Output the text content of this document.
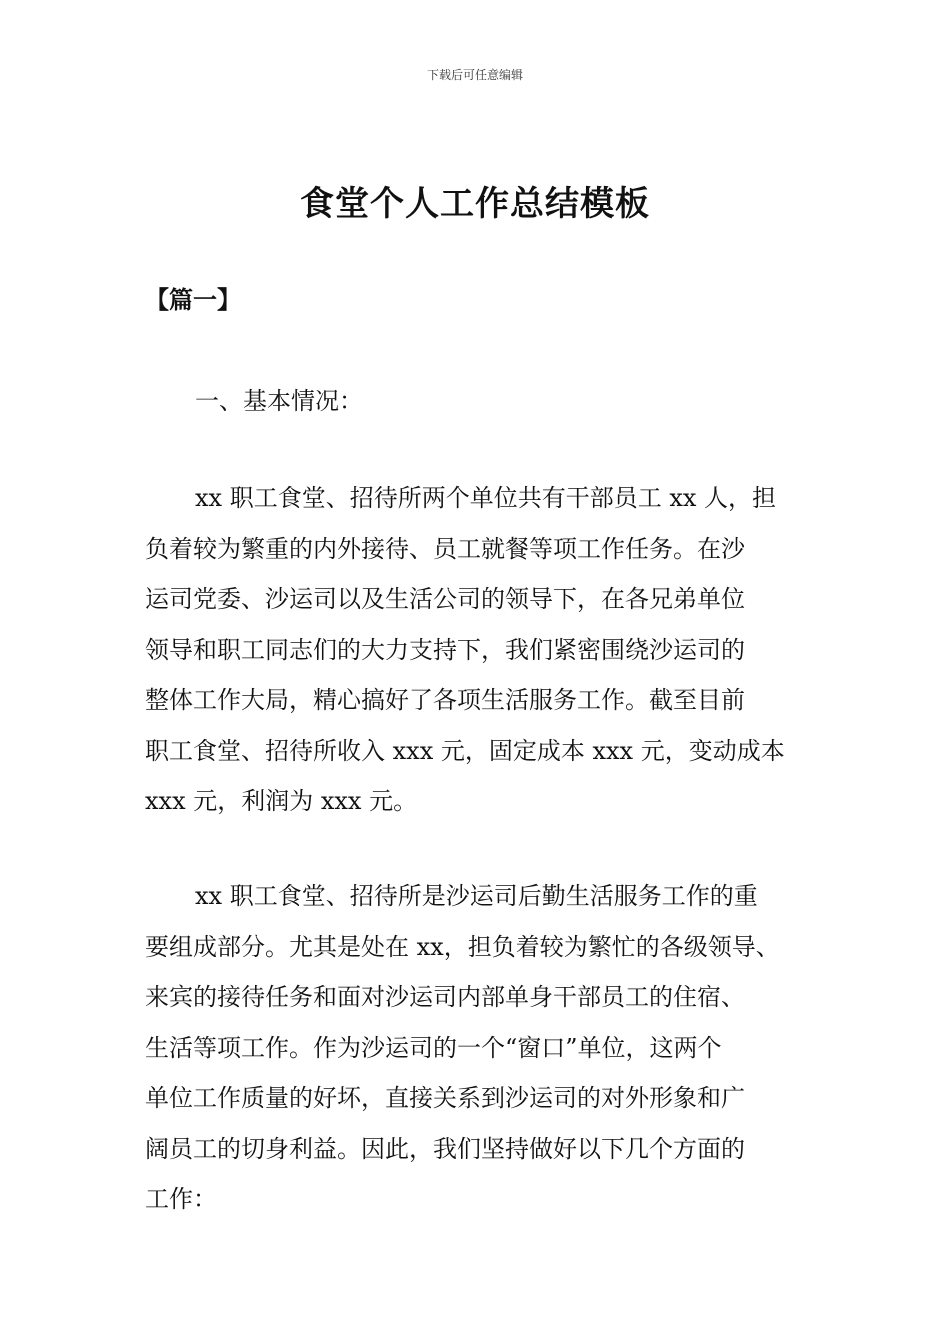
下载后可任意编辑
食堂个人工作总结模板
【篇一】
一、基本情况：
xx 职工食堂、招待所两个单位共有干部员工 xx 人，担
负着较为繁重的内外接待、员工就餐等项工作任务。在沙
运司党委、沙运司以及生活公司的领导下，在各兄弟单位
领导和职工同志们的大力支持下，我们紧密围绕沙运司的
整体工作大局，精心搞好了各项生活服务工作。截至目前
职工食堂、招待所收入 xxx 元，固定成本 xxx 元，变动成本
xxx 元，利润为 xxx 元。
xx 职工食堂、招待所是沙运司后勤生活服务工作的重
要组成部分。尤其是处在 xx，担负着较为繁忙的各级领导、
来宾的接待任务和面对沙运司内部单身干部员工的住宿、
生活等项工作。作为沙运司的一个“窗口”单位，这两个
单位工作质量的好坏，直接关系到沙运司的对外形象和广
阔员工的切身利益。因此，我们坚持做好以下几个方面的
工作：
